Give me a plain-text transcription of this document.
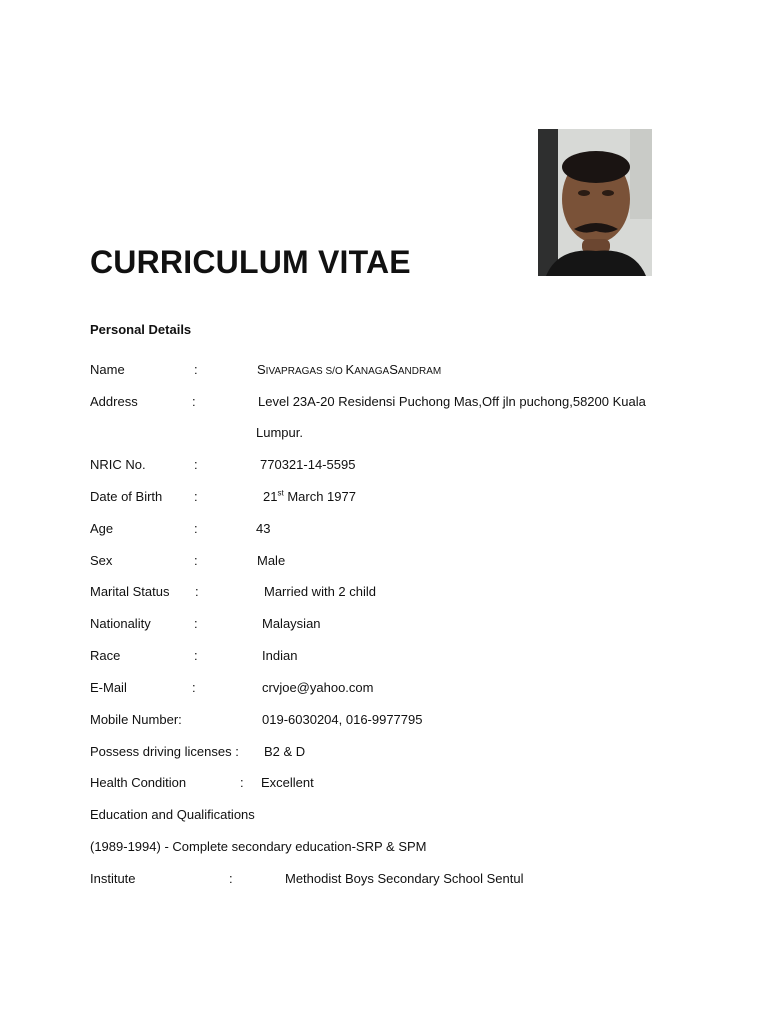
CURRICULUM VITAE
Personal Details
Name	:	SIVAPRAGAS S/O KANAGASANDRAM
Address	:	Level 23A-20 Residensi Puchong Mas,Off jln puchong,58200 Kuala
Lumpur.
NRIC No.	:	770321-14-5595
Date of Birth :	21st March 1977
Age	:	43
Sex	:	Male
Marital Status :	Married with 2 child
Nationality	:	Malaysian
Race	:	Indian
E-Mail	:	crvjoe@yahoo.com
Mobile Number:	019-6030204, 016-9977795
Possess driving licenses : B2 & D
Health Condition	: Excellent
Education and Qualifications
(1989-1994) - Complete secondary education-SRP & SPM
Institute	:	Methodist Boys Secondary School Sentul
